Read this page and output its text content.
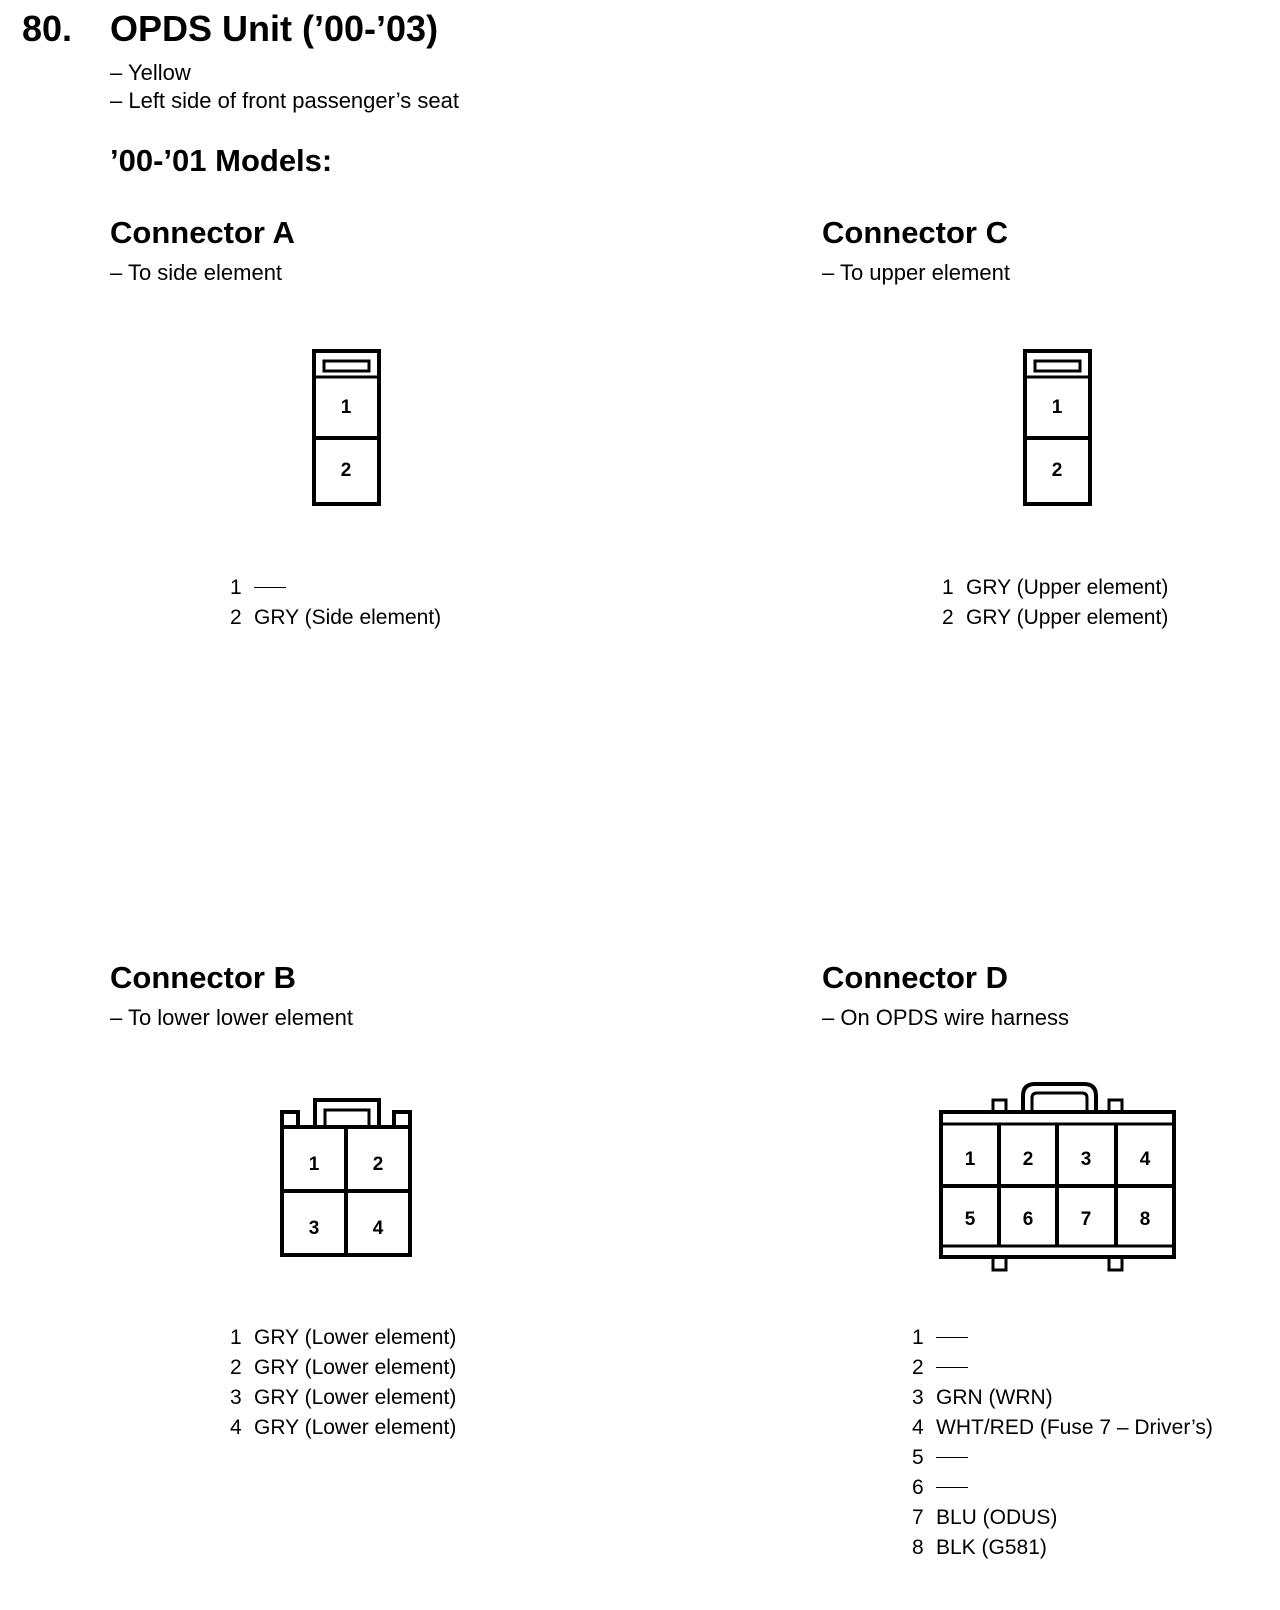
80. OPDS Unit (’00-’03)
– Yellow
– Left side of front passenger’s seat
’00-’01 Models:
Connector A
– To side element
Connector C
– To upper element
Connector B
– To lower lower element
Connector D
– On OPDS wire harness
1
2
1
2
1	2
3	4
1 2 3	4
5 6 7	8
1
2 GRY (Side element)
1 GRY (Upper element)
2 GRY (Upper element)
1 GRY (Lower element)
2 GRY (Lower element)
3 GRY (Lower element)
4 GRY (Lower element)
1
2
3 GRN (WRN)
4 WHT/RED (Fuse 7 – Driver’s)
5
6
7 BLU (ODUS)
8 BLK (G581)
